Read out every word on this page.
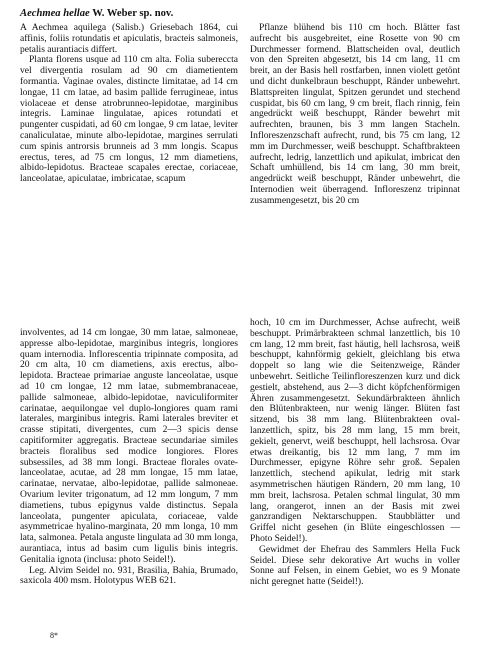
Aechmea hellae W. Weber sp. nov.

A Aechmea aquilega (Salisb.) Griesebach 1864, cui affinis, foliis rotundatis et apiculatis, bracteis salmoneis, petalis aurantiacis differt.

Planta florens usque ad 110 cm alta. Folia subereccta vel divergentia rosulam ad 90 cm diametientem formantia. Vaginae ovales, distincte limitatae, ad 14 cm longae, 11 cm latae, ad basim pallide ferrugineae, intus violaceae et dense atrobrunneo-lepidotae, marginibus integris. Laminae lingulatae, apices rotundati et pungenter cuspidati, ad 60 cm longae, 9 cm latae, leviter canaliculatae, minute albo-lepidotae, margines serrulati cum spinis antrorsis brunneis ad 3 mm longis. Scapus erectus, teres, ad 75 cm longus, 12 mm diametiens, albido-lepidotus. Bracteae scapales erectae, coriaceae, lanceolatae, apiculatae, imbricatae, scapum

Pflanze blühend bis 110 cm hoch. Blätter fast aufrecht bis ausgebreitet, eine Rosette von 90 cm Durchmesser formend. Blattscheiden oval, deutlich von den Spreiten abgesetzt, bis 14 cm lang, 11 cm breit, an der Basis hell rostfarben, innen violett getönt und dicht dunkelbraun beschuppt, Ränder unbewehrt. Blattspreiten lingulat, Spitzen gerundet und stechend cuspidat, bis 60 cm lang, 9 cm breit, flach rinnig, fein angedrückt weiß beschuppt, Ränder bewehrt mit aufrechten, braunen, bis 3 mm langen Stacheln. Infloreszenzschaft aufrecht, rund, bis 75 cm lang, 12 mm im Durchmesser, weiß beschuppt. Schaftbrakteen aufrecht, ledrig, lanzettlich und apikulat, imbricat den Schaft umhüllend, bis 14 cm lang, 30 mm breit, angedrückt weiß beschuppt, Ränder unbewehrt, die Internodien weit überragend. Infloreszenz tripinnat zusammengesetzt, bis 20 cm

involventes, ad 14 cm longae, 30 mm latae, salmoneae, appresse albo-lepidotae, marginibus integris, longiores quam internodia. Inflorescentia tripinnate composita, ad 20 cm alta, 10 cm diametiens, axis erectus, albo-lepidota. Bracteae primariae anguste lanceolatae, usque ad 10 cm longae, 12 mm latae, submembranaceae, pallide salmoneae, albido-lepidotae, naviculiformiter carinatae, aequilongae vel duplo-longiores quam rami laterales, marginibus integris. Rami laterales breviter et crasse stipitati, divergentes, cum 2—3 spicis dense capitiformiter aggregatis. Bracteae secundariae similes bracteis floralibus sed modice longiores. Flores subsessiles, ad 38 mm longi. Bracteae florales ovate-lanceolatae, acutae, ad 28 mm longae, 15 mm latae, carinatae, nervatae, albo-lepidotae, pallide salmoneae. Ovarium leviter trigonatum, ad 12 mm longum, 7 mm diametiens, tubus epigynus valde distinctus. Sepala lanceolata, pungenter apiculata, coriaceae, valde asymmetricae hyalino-marginata, 20 mm longa, 10 mm lata, salmonea. Petala anguste lingulata ad 30 mm longa, aurantiaca, intus ad basim cum ligulis binis integris. Genitalia ignota (inclusa: photo Seidel!).

Leg. Alvim Seidel no. 931, Brasilia, Bahia, Brumado, saxicola 400 msm. Holotypus WEB 621.

hoch, 10 cm im Durchmesser, Achse aufrecht, weiß beschuppt. Primärbrakteen schmal lanzettlich, bis 10 cm lang, 12 mm breit, fast häutig, hell lachsrosa, weiß beschuppt, kahnförmig gekielt, gleichlang bis etwa doppelt so lang wie die Seitenzweige, Ränder unbewehrt. Seitliche Teilinfloreszenzen kurz und dick gestielt, abstehend, aus 2—3 dicht köpfchenförmigen Ähren zusammengesetzt. Sekundärbrakteen ähnlich den Blütenbrakteen, nur wenig länger. Blüten fast sitzend, bis 38 mm lang. Blütenbrakteen oval-lanzettlich, spitz, bis 28 mm lang, 15 mm breit, gekielt, genervt, weiß beschuppt, hell lachsrosa. Ovar etwas dreikantig, bis 12 mm lang, 7 mm im Durchmesser, epigyne Röhre sehr groß. Sepalen lanzettlich, stechend apikulat, ledrig mit stark asymmetrischen häutigen Rändern, 20 mm lang, 10 mm breit, lachsrosa. Petalen schmal lingulat, 30 mm lang, orangerot, innen an der Basis mit zwei ganzrandigen Nektarschuppen. Staubblätter und Griffel nicht gesehen (in Blüte eingeschlossen — Photo Seidel!).

Gewidmet der Ehefrau des Sammlers Hella Fuck Seidel. Diese sehr dekorative Art wuchs in voller Sonne auf Felsen, in einem Gebiet, wo es 9 Monate nicht geregnet hatte (Seidel!).

8*
